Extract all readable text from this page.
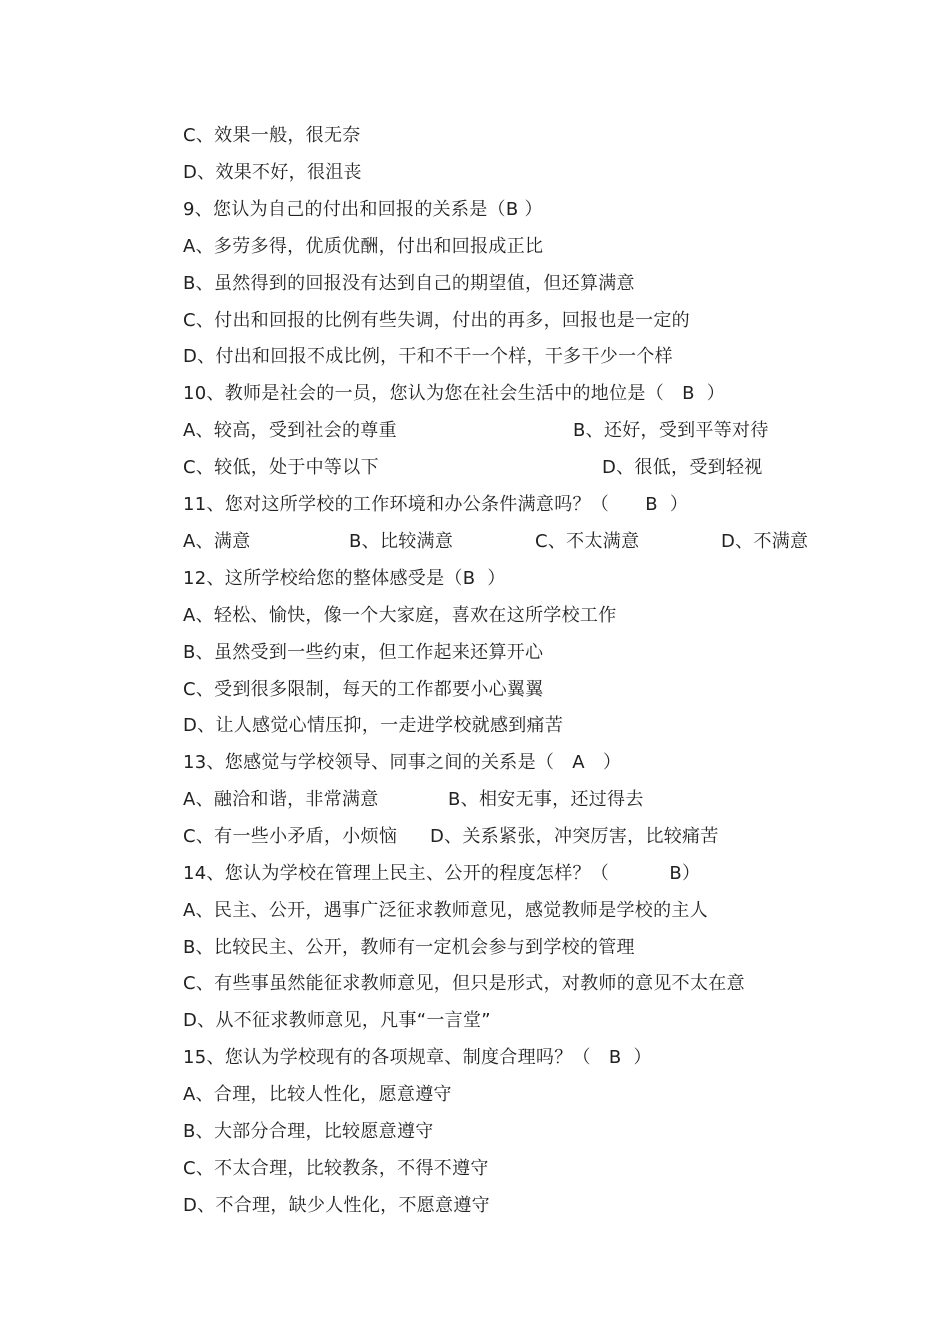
C、效果一般，很无奈
D、效果不好，很沮丧
9、您认为自己的付出和回报的关系是（B ）
A、多劳多得，优质优酬，付出和回报成正比
B、虽然得到的回报没有达到自己的期望值，但还算满意
C、付出和回报的比例有些失调，付出的再多，回报也是一定的
D、付出和回报不成比例，干和不干一个样，干多干少一个样
10、教师是社会的一员，您认为您在社会生活中的地位是（   B  ）

A、较高，受到社会的尊重

	B、还好，受到平等对待

C、较低，处于中等以下

	D、很低，受到轻视

11、您对这所学校的工作环境和办公条件满意吗？（      B  ）

A、满意

	B、比较满意

	C、不太满意

	D、不满意

12、这所学校给您的整体感受是（B  ）
A、轻松、愉快，像一个大家庭，喜欢在这所学校工作
B、虽然受到一些约束，但工作起来还算开心
C、受到很多限制，每天的工作都要小心翼翼
D、让人感觉心情压抑，一走进学校就感到痛苦
13、您感觉与学校领导、同事之间的关系是（   A   ）

A、融洽和谐，非常满意

	B、相安无事，还过得去

C、有一些小矛盾，小烦恼

D、关系紧张，冲突厉害，比较痛苦

14、您认为学校在管理上民主、公开的程度怎样？（          B）
A、民主、公开，遇事广泛征求教师意见，感觉教师是学校的主人
B、比较民主、公开，教师有一定机会参与到学校的管理
C、有些事虽然能征求教师意见，但只是形式，对教师的意见不太在意
D、从不征求教师意见，凡事“一言堂”
15、您认为学校现有的各项规章、制度合理吗？（   B  ）
A、合理，比较人性化，愿意遵守
B、大部分合理，比较愿意遵守
C、不太合理，比较教条，不得不遵守
D、不合理，缺少人性化，不愿意遵守
